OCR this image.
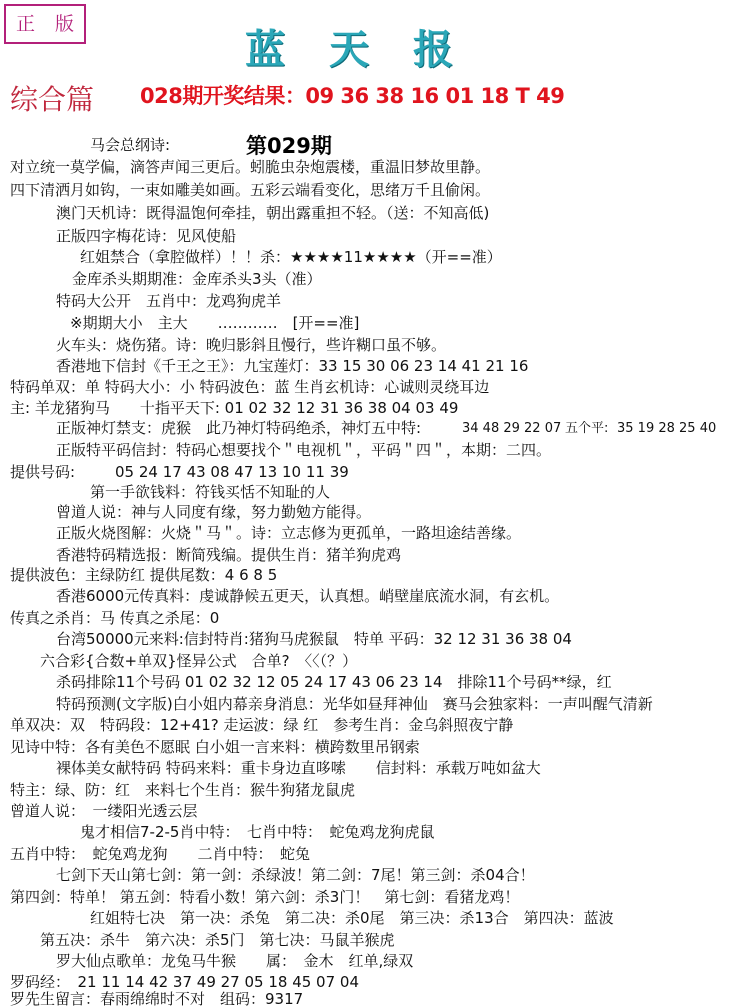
正 版
蓝天报
综合篇 028期开奖结果：09 36 38 16 01 18 T 49
第029期
马会总纲诗:
对立统一莫学偏，滴答声闻三更后。蚓脆虫杂炮震楼，重温旧梦故里静。
四下清洒月如钩，一束如雕美如画。五彩云端看变化，思绪万千且偷闲。
澳门天机诗：既得温饱何牵挂，朝出露重担不轻。（送：不知高低)
正版四字梅花诗：见风使船
红姐禁合（拿腔做样）！！杀：★★★★11★★★★（开==准）
金库杀头期期准：金库杀头3头（准）
特码大公开　五肖中：龙鸡狗虎羊
※期期大小　主大　　…………　[开==准]
火车头：烧伤猪。诗：晚归影斜且慢行，些许糊口虽不够。
香港地下信封《千王之王》：九宝莲灯：33 15 30 06 23 14 41 21 16
特码单双：单 特码大小：小 特码波色：蓝 生肖玄机诗：心诚则灵绕耳边
主: 羊龙猪狗马　　十指平天下: 01 02 32 12 31 36 38 04 03 49
正版神灯禁支：虎猴　此乃神灯特码绝杀，神灯五中特:	34 48 29 22 07 五个平: 35 19 28 25 40
正版特平码信封：特码心想要找个＂电视机＂，平码＂四＂，本期：二四。
提供号码:	05 24 17 43 08 47 13 10 11 39
第一手欲钱料：符钱买恬不知耻的人
曾道人说：神与人同度有缘，努力勤勉方能得。
正版火烧图解：火烧＂马＂。诗：立志修为更孤单，一路坦途结善缘。
香港特码精选报：断简残编。提供生肖：猪羊狗虎鸡
提供波色：主绿防红 提供尾数：4 6 8 5
香港6000元传真料：虔诚静候五更天，认真想。峭壁崖底流水洞，有玄机。
传真之杀肖：马 传真之杀尾：0
台湾50000元来料:信封特肖:猪狗马虎猴鼠　特单 平码：32 12 31 36 38 04
六合彩{合数+单双}怪异公式　合单?　〈〈（？）
杀码排除11个号码 01 02 32 12 05 24 17 43 06 23 14　排除11个号码**绿，红
特码预测(文字版)白小姐内幕亲身消息：光华如昼拜神仙　赛马会独家料：一声叫醒气清新
单双决：双　特码段：12+41? 走运波：绿 红　参考生肖：金乌斜照夜宁静
见诗中特：各有美色不愿眠 白小姐一言来料：横跨数里吊钢索
裸体美女献特码 特码来料：重卡身边直哆嗦　　信封料：承载万吨如盆大
特主：绿、防：红　来料七个生肖：猴牛狗猪龙鼠虎
曾道人说：　一缕阳光透云层
鬼才相信7-2-5肖中特：　七肖中特：　蛇兔鸡龙狗虎鼠
五肖中特：　蛇兔鸡龙狗　　二肖中特：　蛇兔
七剑下天山第七剑：第一剑：杀绿波！第二剑：7尾！第三剑：杀04合！
第四剑：特单！ 第五剑：特看小数！第六剑：杀3门！　第七剑：看猪龙鸡！
红姐特七决　第一决：杀兔　第二决：杀0尾　第三决：杀13合　第四决：蓝波
第五决：杀牛　第六决：杀5门　第七决：马鼠羊猴虎
罗大仙点歌单：龙兔马牛猴　　属：　金木　红单,绿双
罗码经：　21 11 14 42 37 49 27 05 18 45 07 04
罗先生留言：春雨绵绵时不对　组码：9317
